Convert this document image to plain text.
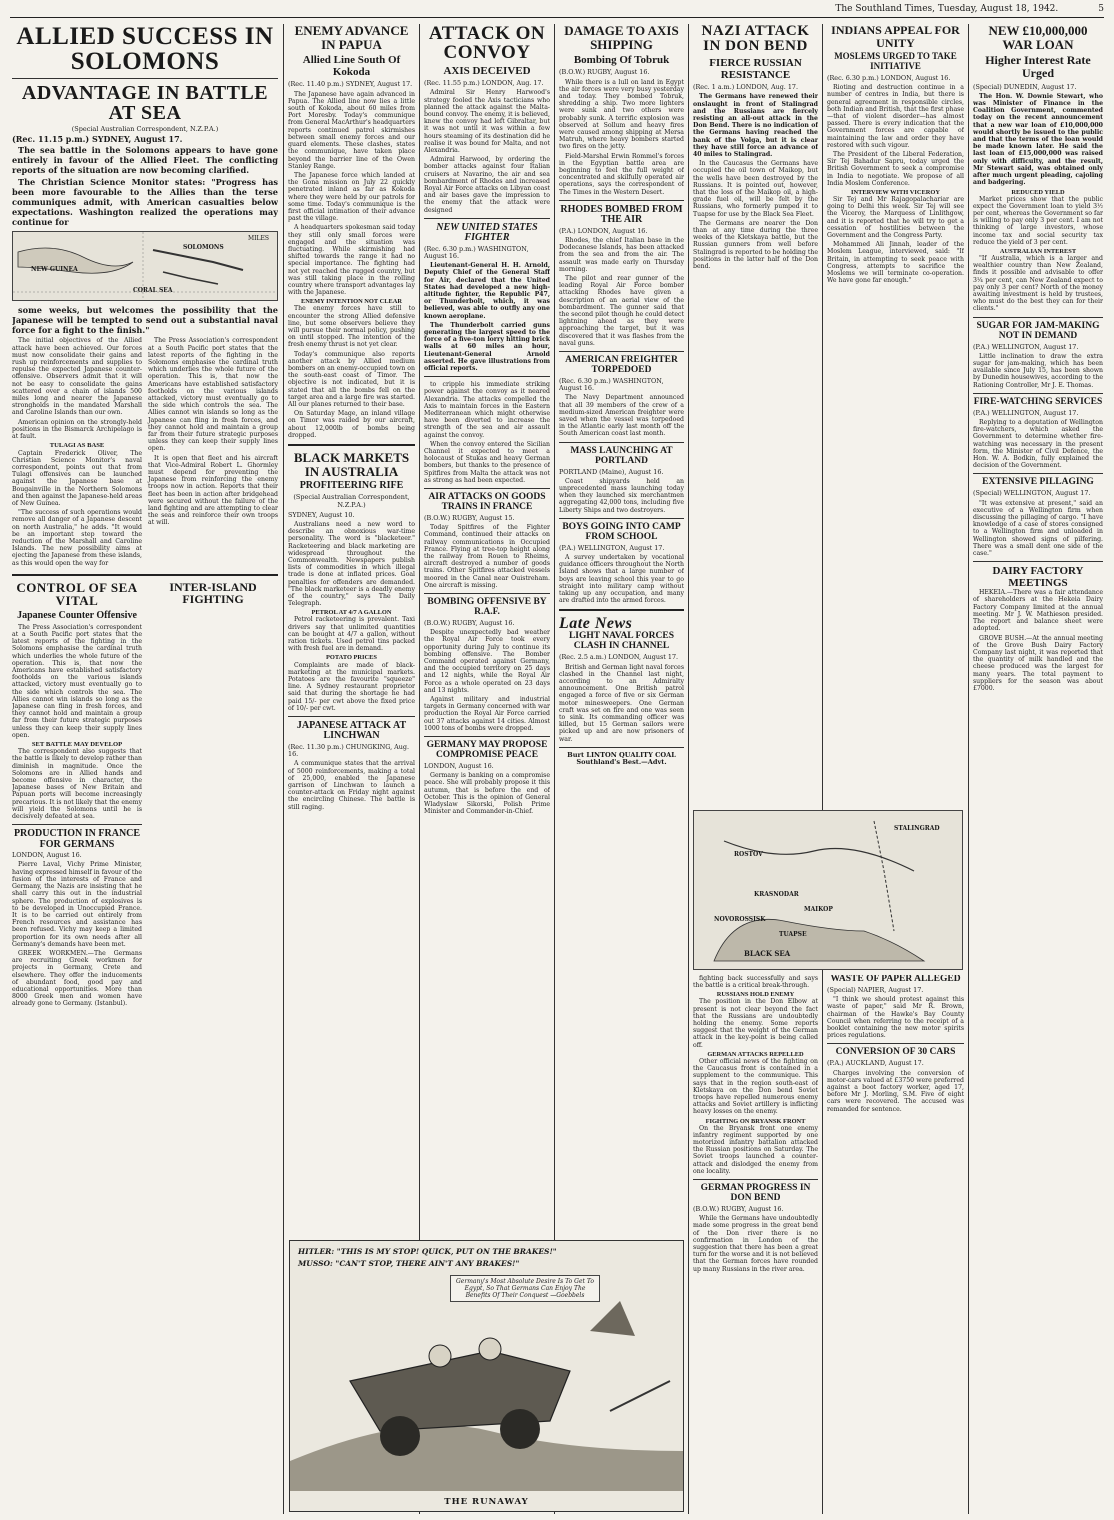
The Southland Times, Tuesday, August 18, 1942.	5
ALLIED SUCCESS IN SOLOMONS
ADVANTAGE IN BATTLE AT SEA
(Special Australian Correspondent, N.Z.P.A.)
(Rec. 11.15 p.m.) SYDNEY, August 17.

The sea battle in the Solomons appears to have gone entirely in favour of the Allied Fleet. The conflicting reports of the situation are now becoming clarified.

The Christian Science Monitor states: "Progress has been more favourable to the Allies than the terse communiques admit, with American casualties below expectations. Washington realized the operations may continue for

MILES
NEW GUINEA
SOLOMONS
CORAL SEA

some weeks, but welcomes the possibility that the Japanese will be tempted to send out a substantial naval force for a fight to the finish."

The initial objectives of the Allied attack have been achieved. Our forces must now consolidate their gains and rush up reinforcements and supplies to repulse the expected Japanese counter-offensive. Observers admit that it will not be easy to consolidate the gains scattered over a chain of islands 500 miles long and nearer the Japanese strongholds in the mandated Marshall and Caroline Islands than our own.

American opinion on the strongly-held positions in the Bismarck Archipelago is at fault.

TULAGI AS BASE

Captain Frederick Oliver, The Christian Science Monitor's naval correspondent, points out that from Tulagi offensives can be launched against the Japanese base at Bougainville in the Northern Solomons and then against the Japanese-held areas of New Guinea.

"The success of such operations would remove all danger of a Japanese descent on north Australia," he adds. "It would be an important step toward the reduction of the Marshall and Caroline Islands. The new possibility aims at ejecting the Japanese from these islands, as this would open the way for

The Press Association's correspondent at a South Pacific port states that the latest reports of the fighting in the Solomons emphasise the cardinal truth which underlies the whole future of the operation. This is, that now the Americans have established satisfactory footholds on the various islands attacked, victory must eventually go to the side which controls the sea. The Allies cannot win islands so long as the Japanese can fling in fresh forces, and they cannot hold and maintain a group far from their future strategic purposes unless they can keep their supply lines open.

It is open that fleet and his aircraft that Vice-Admiral Robert L. Ghormley must depend for preventing the Japanese from reinforcing the enemy troops now in action. Reports that their fleet has been in action after bridgehead were secured without the failure of the land fighting and are attempting to clear the seas and reinforce their own troops at will.

CONTROL OF SEA VITAL
Japanese Counter Offensive

The Press Association's correspondent at a South Pacific port states that the latest reports of the fighting in the Solomons emphasise the cardinal truth which underlies the whole future of the operation. This is, that now the Americans have established satisfactory footholds on the various islands attacked, victory must eventually go to the side which controls the sea. The Allies cannot win islands so long as the Japanese can fling in fresh forces, and they cannot hold and maintain a group far from their future strategic purposes unless they can keep their supply lines open.

SET BATTLE MAY DEVELOP

The correspondent also suggests that the battle is likely to develop rather than diminish in magnitude. Once the Solomons are in Allied hands and become offensive in character, the Japanese bases of New Britain and Papuan ports will become increasingly precarious. It is not likely that the enemy will yield the Solomons until he is decisively defeated at sea.

PRODUCTION IN FRANCE FOR GERMANS
LONDON, August 16.

Pierre Laval, Vichy Prime Minister, having expressed himself in favour of the fusion of the interests of France and Germany, the Nazis are insisting that he shall carry this out in the industrial sphere. The production of explosives is to be developed in Unoccupied France. It is to be carried out entirely from French resources and assistance has been refused. Vichy may keep a limited proportion for its own needs after all Germany's demands have been met.

GREEK WORKMEN.—The Germans are recruiting Greek workmen for projects in Germany, Crete and elsewhere. They offer the inducements of abundant food, good pay and educational opportunities. More than 8000 Greek men and women have already gone to Germany. (Istanbul).

INTER-ISLAND FIGHTING
ENEMY ADVANCE IN PAPUA
Allied Line South Of Kokoda
(Rec. 11.40 p.m.) SYDNEY, August 17.

The Japanese have again advanced in Papua. The Allied line now lies a little south of Kokoda, about 60 miles from Port Moresby. Today's communique from General MacArthur's headquarters reports continued patrol skirmishes between small enemy forces and our guard elements. These clashes, states the communique, have taken place beyond the barrier line of the Owen Stanley Range.

The Japanese force which landed at the Gona mission on July 22 quickly penetrated inland as far as Kokoda where they were held by our patrols for some time. Today's communique is the first official intimation of their advance past the village.

A headquarters spokesman said today they still only small forces were engaged and the situation was fluctuating. While skirmishing had shifted towards the range it had no special importance. The fighting had not yet reached the rugged country, but was still taking place in the rolling country where transport advantages lay with the Japanese.

ENEMY INTENTION NOT CLEAR

The enemy forces have still to encounter the strong Allied defensive line, but some observers believe they will pursue their normal policy, pushing on until stopped. The intention of the fresh enemy thrust is not yet clear.

Today's communique also reports another attack by Allied medium bombers on an enemy-occupied town on the south-east coast of Timor. The objective is not indicated, but it is stated that all the bombs fell on the target area and a large fire was started. All our planes returned to their base.

On Saturday Mage, an inland village on Timor was raided by our aircraft, about 12,000lb of bombs being dropped.

BLACK MARKETS IN AUSTRALIA
PROFITEERING RIFE
(Special Australian Correspondent, N.Z.P.A.)
SYDNEY, August 10.

Australians need a new word to describe an obnoxious war-time personality. The word is "blacketeer." Racketeering and black marketing are widespread throughout the Commonwealth. Newspapers publish lists of commodities in which illegal trade is done at inflated prices. Goal penalties for offenders are demanded. "The black marketeer is a deadly enemy of the country," says The Daily Telegraph.

PETROL AT 4/7 A GALLON

Petrol racketeering is prevalent. Taxi drivers say that unlimited quantities can be bought at 4/7 a gallon, without ration tickets. Used petrol tins packed with fresh fuel are in demand.

POTATO PRICES

Complaints are made of black-marketing at the municipal markets. Potatoes are the favourite "squeeze" line. A Sydney restaurant proprietor said that during the shortage he had paid 15/- per cwt above the fixed price of 10/- per cwt.

JAPANESE ATTACK AT LINCHWAN
(Rec. 11.30 p.m.) CHUNGKING, Aug. 16.

A communique states that the arrival of 5000 reinforcements, making a total of 25,000, enabled the Japanese garrison of Linchwan to launch a counter-attack on Friday night against the encircling Chinese. The battle is still raging.

ATTACK ON CONVOY
AXIS DECEIVED
(Rec. 11.55 p.m.) LONDON, Aug. 17.

Admiral Sir Henry Harwood's strategy fooled the Axis tacticians who planned the attack against the Malta-bound convoy. The enemy, it is believed, knew the convoy had left Gibraltar, but it was not until it was within a few hours steaming of its destination did he realise it was bound for Malta, and not Alexandria.

Admiral Harwood, by ordering the bomber attacks against four Italian cruisers at Navarino, the air and sea bombardment of Rhodes and increased Royal Air Force attacks on Libyan coast and air bases gave the impression to the enemy that the attack were designed

NEW UNITED STATES FIGHTER
(Rec. 6.30 p.m.) WASHINGTON, August 16.

Lieutenant-General H. H. Arnold, Deputy Chief of the General Staff for Air, declared that the United States had developed a new high-altitude fighter, the Republic P47, or Thunderbolt, which, it was believed, was able to outfly any one known aeroplane.

The Thunderbolt carried guns generating the largest speed to the force of a five-ton lorry hitting brick walls at 60 miles an hour, Lieutenant-General Arnold asserted. He gave illustrations from official reports.

to cripple his immediate striking power against the convoy as it neared Alexandria. The attacks compelled the Axis to maintain forces in the Eastern Mediterranean which might otherwise have been diverted to increase the strength of the sea and air assault against the convoy.

When the convoy entered the Sicilian Channel it expected to meet a holocaust of Stukas and heavy German bombers, but thanks to the presence of Spitfires from Malta the attack was not as strong as had been expected.

AIR ATTACKS ON GOODS TRAINS IN FRANCE
(B.O.W.) RUGBY, August 15.

Today Spitfires of the Fighter Command, continued their attacks on railway communications in Occupied France. Flying at tree-top height along the railway from Rouen to Rheims, aircraft destroyed a number of goods trains. Other Spitfires attacked vessels moored in the Canal near Ouistreham. One aircraft is missing.

BOMBING OFFENSIVE BY R.A.F.
(B.O.W.) RUGBY, August 16.

Despite unexpectedly bad weather the Royal Air Force took every opportunity during July to continue its bombing offensive. The Bomber Command operated against Germany, and the occupied territory on 25 days and 12 nights, while the Royal Air Force as a whole operated on 23 days and 13 nights.

Against military and industrial targets in Germany concerned with war production the Royal Air Force carried out 37 attacks against 14 cities. Almost 1000 tons of bombs were dropped.

GERMANY MAY PROPOSE COMPROMISE PEACE
LONDON, August 16.

Germany is banking on a compromise peace. She will probably propose it this autumn, that is before the end of October. This is the opinion of General Wladyslaw Sikorski, Polish Prime Minister and Commander-in-Chief.

DAMAGE TO AXIS SHIPPING
Bombing Of Tobruk
(B.O.W.) RUGBY, August 16.

While there is a lull on land in Egypt the air forces were very busy yesterday and today. They bombed Tobruk, shredding a ship. Two more lighters were sunk and two others were probably sunk. A terrific explosion was observed at Sollum and heavy fires were caused among shipping at Mersa Matruh, where heavy bombers started two fires on the jetty.

Field-Marshal Erwin Rommel's forces in the Egyptian battle area are beginning to feel the full weight of concentrated and skilfully operated air operations, says the correspondent of The Times in the Western Desert.

RHODES BOMBED FROM THE AIR
(P.A.) LONDON, August 16.

Rhodes, the chief Italian base in the Dodecanese Islands, has been attacked from the sea and from the air. The assault was made early on Thursday morning.

The pilot and rear gunner of the leading Royal Air Force bomber attacking Rhodes have given a description of an aerial view of the bombardment. The gunner said that the second pilot though he could detect lightning ahead as they were approaching the target, but it was discovered that it was flashes from the naval guns.

AMERICAN FREIGHTER TORPEDOED
(Rec. 6.30 p.m.) WASHINGTON, August 16.

The Navy Department announced that all 39 members of the crew of a medium-sized American freighter were saved when the vessel was torpedoed in the Atlantic early last month off the South American coast last month.

MASS LAUNCHING AT PORTLAND
PORTLAND (Maine), August 16.

Coast shipyards held an unprecedented mass launching today when they launched six merchantmen aggregating 42,000 tons, including five Liberty Ships and two destroyers.

BOYS GOING INTO CAMP FROM SCHOOL
(P.A.) WELLINGTON, August 17.

A survey undertaken by vocational guidance officers throughout the North Island shows that a large number of boys are leaving school this year to go straight into military camp without taking up any occupation, and many are drafted into the armed forces.

Late News
LIGHT NAVAL FORCES CLASH IN CHANNEL
(Rec. 2.5 a.m.) LONDON, August 17.

British and German light naval forces clashed in the Channel last night, according to an Admiralty announcement. One British patrol engaged a force of five or six German motor minesweepers. One German craft was set on fire and one was seen to sink. Its commanding officer was killed, but 15 German sailors were picked up and are now prisoners of war.

Burt LINTON QUALITY COAL Southland's Best.—Advt.
NAZI ATTACK IN DON BEND
FIERCE RUSSIAN RESISTANCE
(Rec. 1 a.m.) LONDON, Aug. 17.

The Germans have renewed their onslaught in front of Stalingrad and the Russians are fiercely resisting an all-out attack in the Don Bend. There is no indication of the Germans having reached the bank of the Volga, but it is clear they have still force an advance of 40 miles to Stalingrad.

In the Caucasus the Germans have occupied the oil town of Maikop, but the wells have been destroyed by the Russians. It is pointed out, however, that the loss of the Maikop oil, a high-grade fuel oil, will be felt by the Russians, who formerly pumped it to Tuapse for use by the Black Sea Fleet.

The Germans are nearer the Don than at any time during the three weeks of the Kletskaya battle, but the Russian gunners from well before Stalingrad is reported to be holding the positions in the latter half of the Don bend.

STALINGRAD
ROSTOV
KRASNODAR
MAIKOP
NOVOROSSISK
TUAPSE
BLACK SEA

fighting back successfully and says the battle is a critical break-through.

RUSSIANS HOLD ENEMY

The position in the Don Elbow at present is not clear beyond the fact that the Russians are undoubtedly holding the enemy. Some reports suggest that the weight of the German attack in the key-point is being called off.

GERMAN ATTACKS REPELLED

Other official news of the fighting on the Caucasus front is contained in a supplement to the communique. This says that in the region south-east of Kletskaya on the Don bend Soviet troops have repelled numerous enemy attacks and Soviet artillery is inflicting heavy losses on the enemy.

FIGHTING ON BRYANSK FRONT

On the Bryansk front one enemy infantry regiment supported by one motorized infantry battalion attacked the Russian positions on Saturday. The Soviet troops launched a counter-attack and dislodged the enemy from one locality.

GERMAN PROGRESS IN DON BEND
(B.O.W.) RUGBY, August 16.

While the Germans have undoubtedly made some progress in the great bend of the Don river there is no confirmation in London of the suggestion that there has been a great turn for the worse and it is not believed that the German forces have rounded up many Russians in the river area.

INDIANS APPEAL FOR UNITY
MOSLEMS URGED TO TAKE INITIATIVE
(Rec. 6.30 p.m.) LONDON, August 16.

Rioting and destruction continue in a number of centres in India, but there is general agreement in responsible circles, both Indian and British, that the first phase—that of violent disorder—has almost passed. There is every indication that the Government forces are capable of maintaining the law and order they have restored with such vigour.

The President of the Liberal Federation, Sir Tej Bahadur Sapru, today urged the British Government to seek a compromise in India to negotiate. We propose of all India Moslem Conference.

INTERVIEW WITH VICEROY

Sir Tej and Mr Rajagopalachariar are going to Delhi this week. Sir Tej will see the Viceroy, the Marquess of Linlithgow, and it is reported that he will try to get a cessation of hostilities between the Government and the Congress Party.

Mohammed Ali Jinnah, leader of the Moslem League, interviewed, said: "If Britain, in attempting to seek peace with Congress, attempts to sacrifice the Moslems we will terminate co-operation. We have gone far enough."

WASTE OF PAPER ALLEGED
(Special) NAPIER, August 17.

"I think we should protest against this waste of paper," said Mr R. Brown, chairman of the Hawke's Bay County Council when referring to the receipt of a booklet containing the new motor spirits prices regulations.

CONVERSION OF 30 CARS
(P.A.) AUCKLAND, August 17.

Charges involving the conversion of motor-cars valued at £3750 were preferred against a boot factory worker, aged 17, before Mr J. Morling, S.M. Five of eight cars were recovered. The accused was remanded for sentence.

NEW £10,000,000 WAR LOAN
Higher Interest Rate Urged
(Special) DUNEDIN, August 17.

The Hon. W. Downie Stewart, who was Minister of Finance in the Coalition Government, commented today on the recent announcement that a new war loan of £10,000,000 would shortly be issued to the public and that the terms of the loan would be made known later. He said the last loan of £15,000,000 was raised only with difficulty, and the result, Mr Stewart said, was obtained only after much urgent pleading, cajoling and badgering.

REDUCED YIELD

Market prices show that the public expect the Government loan to yield 3½ per cent, whereas the Government so far is willing to pay only 3 per cent. I am not thinking of large investors, whose income tax and social security tax reduce the yield of 3 per cent.

AUSTRALIAN INTEREST

"If Australia, which is a larger and wealthier country than New Zealand, finds it possible and advisable to offer 3¼ per cent, can New Zealand expect to pay only 3 per cent? North of the money awaiting investment is held by trustees, who must do the best they can for their clients."

SUGAR FOR JAM-MAKING NOT IN DEMAND
(P.A.) WELLINGTON, August 17.

Little inclination to draw the extra sugar for jam-making, which has been available since July 15, has been shown by Dunedin housewives, according to the Rationing Controller, Mr J. E. Thomas.

FIRE-WATCHING SERVICES
(P.A.) WELLINGTON, August 17.

Replying to a deputation of Wellington fire-watchers, which asked the Government to determine whether fire-watching was necessary in the present form, the Minister of Civil Defence, the Hon. W. A. Bodkin, fully explained the decision of the Government.

EXTENSIVE PILLAGING
(Special) WELLINGTON, August 17.

"It was extensive at present," said an executive of a Wellington firm when discussing the pillaging of cargo. "I have knowledge of a case of stores consigned to a Wellington firm and unloaded in Wellington showed signs of pilfering. There was a small dent one side of the case."

DAIRY FACTORY MEETINGS

HEKEIA.—There was a fair attendance of shareholders at the Hekeia Dairy Factory Company limited at the annual meeting. Mr J. W. Mathieson presided. The report and balance sheet were adopted.

GROVE BUSH.—At the annual meeting of the Grove Bush Dairy Factory Company last night, it was reported that the quantity of milk handled and the cheese produced was the largest for many years. The total payment to suppliers for the season was about £7000.

HITLER: "THIS IS MY STOP! QUICK, PUT ON THE BRAKES!"
MUSSO: "CAN'T STOP, THERE AIN'T ANY BRAKES!"
Germany's Most Absolute Desire Is To Get To Egypt, So That Germans Can Enjoy The Benefits Of Their Conquest —Goebbels
THE RUNAWAY
